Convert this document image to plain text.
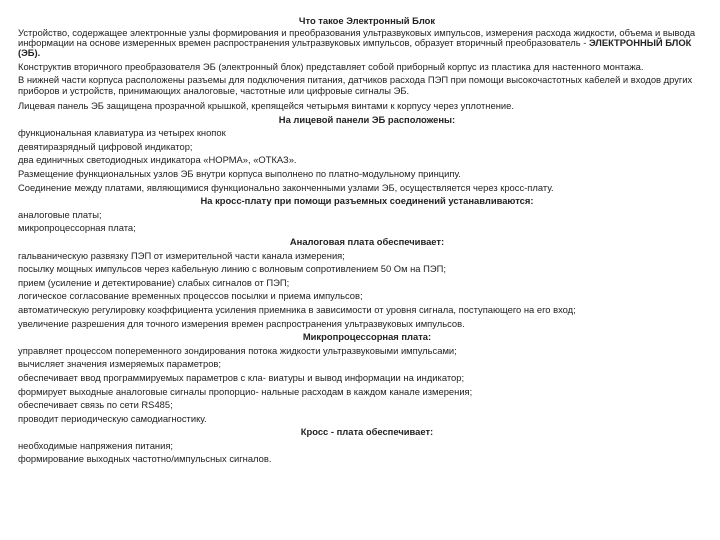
Что такое Электронный Блок
Устройство, содержащее электронные узлы формирования и преобразования ультразвуковых импульсов, измерения расхода жидкости, объема и вывода информации на основе измеренных времен распространения ультразвуковых импульсов, образует вторичный преобразователь - ЭЛЕКТРОННЫЙ БЛОК (ЭБ).
Конструктив вторичного преобразователя ЭБ (электронный блок) представляет собой приборный корпус из пластика для настенного монтажа.
В нижней части корпуса расположены разъемы для подключения питания, датчиков расхода ПЭП при помощи высокочастотных кабелей и входов других приборов и устройств, принимающих аналоговые, частотные или цифровые сигналы ЭБ.
Лицевая панель ЭБ защищена прозрачной крышкой, крепящейся четырьмя винтами к корпусу через уплотнение.
На лицевой панели ЭБ расположены:
функциональная клавиатура из четырех кнопок
девятиразрядный цифровой индикатор;
два единичных светодиодных индикатора «НОРМА», «ОТКАЗ».
Размещение функциональных узлов ЭБ внутри корпуса выполнено по платно-модульному принципу.
Соединение между платами, являющимися функционально законченными узлами ЭБ, осуществляется через кросс-плату.
На кросс-плату при помощи разъемных соединений устанавливаются:
аналоговые платы;
микропроцессорная плата;
Аналоговая плата обеспечивает:
гальваническую развязку ПЭП от измерительной части канала измерения;
посылку мощных импульсов через кабельную линию с волновым сопротивлением 50 Ом на ПЭП;
прием (усиление и детектирование) слабых сигналов от ПЭП;
логическое согласование временных процессов посылки и приема импульсов;
автоматическую регулировку коэффициента усиления приемника в зависимости от уровня сигнала, поступающего на его вход;
увеличение разрешения для точного измерения времен распространения ультразвуковых импульсов.
Микропроцессорная плата:
управляет процессом попеременного зондирования потока жидкости ультразвуковыми импульсами;
вычисляет значения измеряемых параметров;
обеспечивает ввод программируемых параметров с кла- виатуры и вывод информации на индикатор;
формирует выходные аналоговые сигналы пропорцио- нальные расходам в каждом канале измерения;
обеспечивает связь по сети RS485;
проводит периодическую самодиагностику.
Кросс - плата обеспечивает:
необходимые напряжения питания;
формирование выходных частотно/импульсных сигналов.
